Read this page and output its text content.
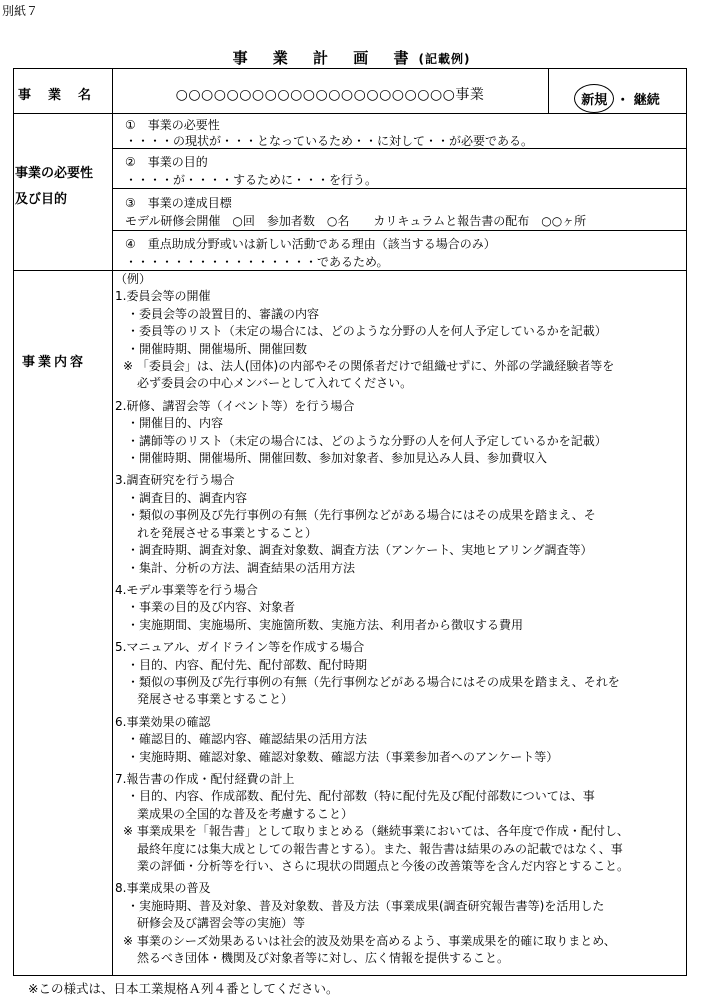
別紙７
事 業 計 画 書(記載例)
事　業　名	○○○○○○○○○○○○○○○○○○○○○○事業	新規 ・ 継続
事業の必要性
及び目的
①　事業の必要性
・・・・の現状が・・・となっているため・・に対して・・が必要である。
②　事業の目的
・・・・が・・・・するために・・・を行う。
③　事業の達成目標
モデル研修会開催　○回　参加者数　○名　　カリキュラムと報告書の配布　○○ヶ所
④　重点助成分野或いは新しい活動である理由（該当する場合のみ）
・・・・・・・・・・・・・・・・であるため。
事業内容
（例）
1.委員会等の開催
・委員会等の設置目的、審議の内容
・委員等のリスト（未定の場合には、どのような分野の人を何人予定しているかを記載）
・開催時期、開催場所、開催回数
※ 「委員会」は、法人(団体)の内部やその関係者だけで組織せずに、外部の学識経験者等を
必ず委員会の中心メンバーとして入れてください。
2.研修、講習会等（イベント等）を行う場合
・開催目的、内容
・講師等のリスト（未定の場合には、どのような分野の人を何人予定しているかを記載）
・開催時期、開催場所、開催回数、参加対象者、参加見込み人員、参加費収入
3.調査研究を行う場合
・調査目的、調査内容
・類似の事例及び先行事例の有無（先行事例などがある場合にはその成果を踏まえ、そ
れを発展させる事業とすること）
・調査時期、調査対象、調査対象数、調査方法（アンケート、実地ヒアリング調査等）
・集計、分析の方法、調査結果の活用方法
4.モデル事業等を行う場合
・事業の目的及び内容、対象者
・実施期間、実施場所、実施箇所数、実施方法、利用者から徴収する費用
5.マニュアル、ガイドライン等を作成する場合
・目的、内容、配付先、配付部数、配付時期
・類似の事例及び先行事例の有無（先行事例などがある場合にはその成果を踏まえ、それを
発展させる事業とすること）
6.事業効果の確認
・確認目的、確認内容、確認結果の活用方法
・実施時期、確認対象、確認対象数、確認方法（事業参加者へのアンケート等）
7.報告書の作成・配付経費の計上
・目的、内容、作成部数、配付先、配付部数（特に配付先及び配付部数については、事
業成果の全国的な普及を考慮すること）
※ 事業成果を「報告書」として取りまとめる（継続事業においては、各年度で作成・配付し、
最終年度には集大成としての報告書とする）。また、報告書は結果のみの記載ではなく、事
業の評価・分析等を行い、さらに現状の問題点と今後の改善策等を含んだ内容とすること。
8.事業成果の普及
・実施時期、普及対象、普及対象数、普及方法（事業成果(調査研究報告書等)を活用した
研修会及び講習会等の実施）等
※ 事業のシーズ効果あるいは社会的波及効果を高めるよう、事業成果を的確に取りまとめ、
然るべき団体・機関及び対象者等に対し、広く情報を提供すること。
※この様式は、日本工業規格Ａ列４番としてください。
